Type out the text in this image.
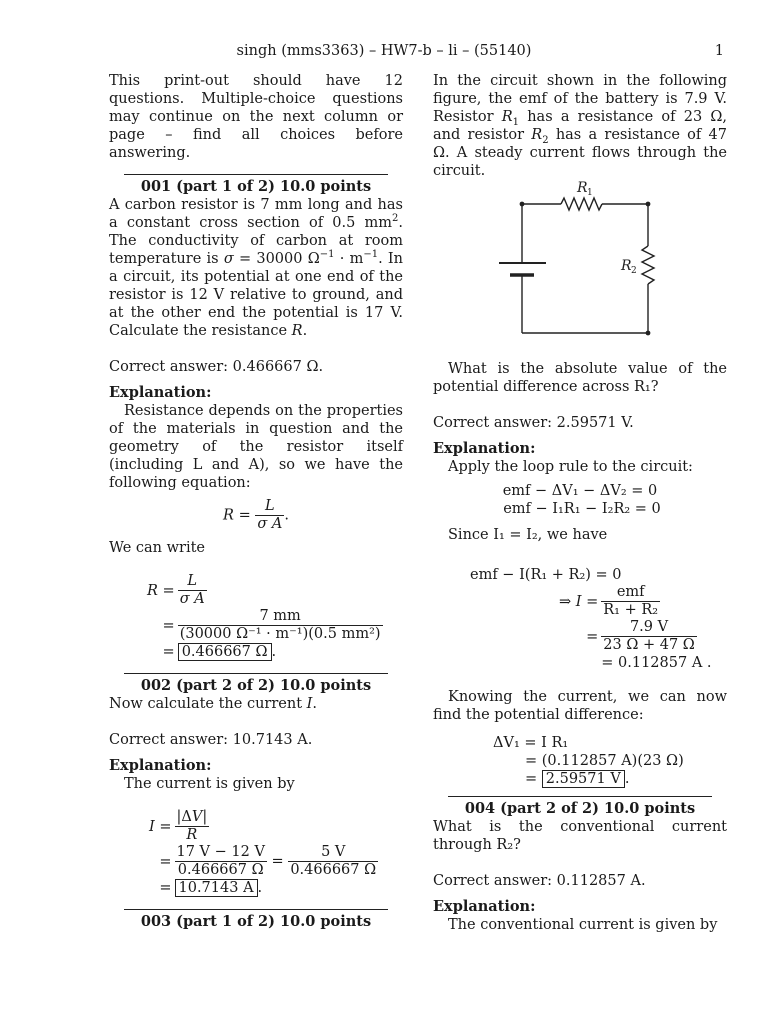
singh (mms3363) – HW7-b – li – (55140)	1

This print-out should have 12 questions. Multiple-choice questions may continue on the next column or page – find all choices before answering.

001 (part 1 of 2) 10.0 points

A carbon resistor is 7 mm long and has a constant cross section of 0.5 $mm^2$. The conductivity of carbon at room temperature is σ = 30000 $\Omega^{-1} \cdot m^{-1}$. In a circuit, its potential at one end of the resistor is 12 V relative to ground, and at the other end the potential is 17 V. Calculate the resistance R.

Correct answer: 0.466667 Ω.

Explanation:

Resistance depends on the properties of the materials in question and the geometry of the resistor itself (including L and A), so we have the following equation:

$R = \frac{L}{\text{σ A}}$ .

We can write

R =	$\frac{L}{\text{σ A}}$

=	$\frac{7 mm}{\text{(30000 Ω⁻¹ · m⁻¹)(0.5 mm²)}}$

=	0.466667 Ω .
002 (part 2 of 2) 10.0 points

Now calculate the current I.

Correct answer: 10.7143 A.

Explanation:

The current is given by

I =	$\frac{|\Delta V|}{R}$

=	$\frac{17 V - 12 V}{0.466667 \Omega} = \frac{5 V}{0.466667 \Omega}$

=	10.7143 A .
003 (part 1 of 2) 10.0 points

In the circuit shown in the following figure, the emf of the battery is 7.9 V. Resistor $R_1$ has a resistance of 23 Ω, and resistor $R_2$ has a resistance of 47 Ω. A steady current flows through the circuit.

R 1
R 2

What is the absolute value of the potential difference across R₁?

Correct answer: 2.59571 V.

Explanation:

Apply the loop rule to the circuit:

emf − ΔV₁ − ΔV₂ = 0
emf − I₁R₁ − I₂R₂ = 0

Since I₁ = I₂, we have

emf − I(R₁ + R₂) = 0
⇒ I =	$\frac{\text{emf}}{\text{R₁ + R₂}}$

=	$\frac{7.9 V}{23 \Omega + 47 \Omega}$

	= 0.112857 A .

Knowing the current, we can now find the potential difference:

ΔV₁ = I R₁
= (0.112857 A)(23 Ω)
= 2.59571 V .
004 (part 2 of 2) 10.0 points

What is the conventional current through R₂?

Correct answer: 0.112857 A.

Explanation:

The conventional current is given by
